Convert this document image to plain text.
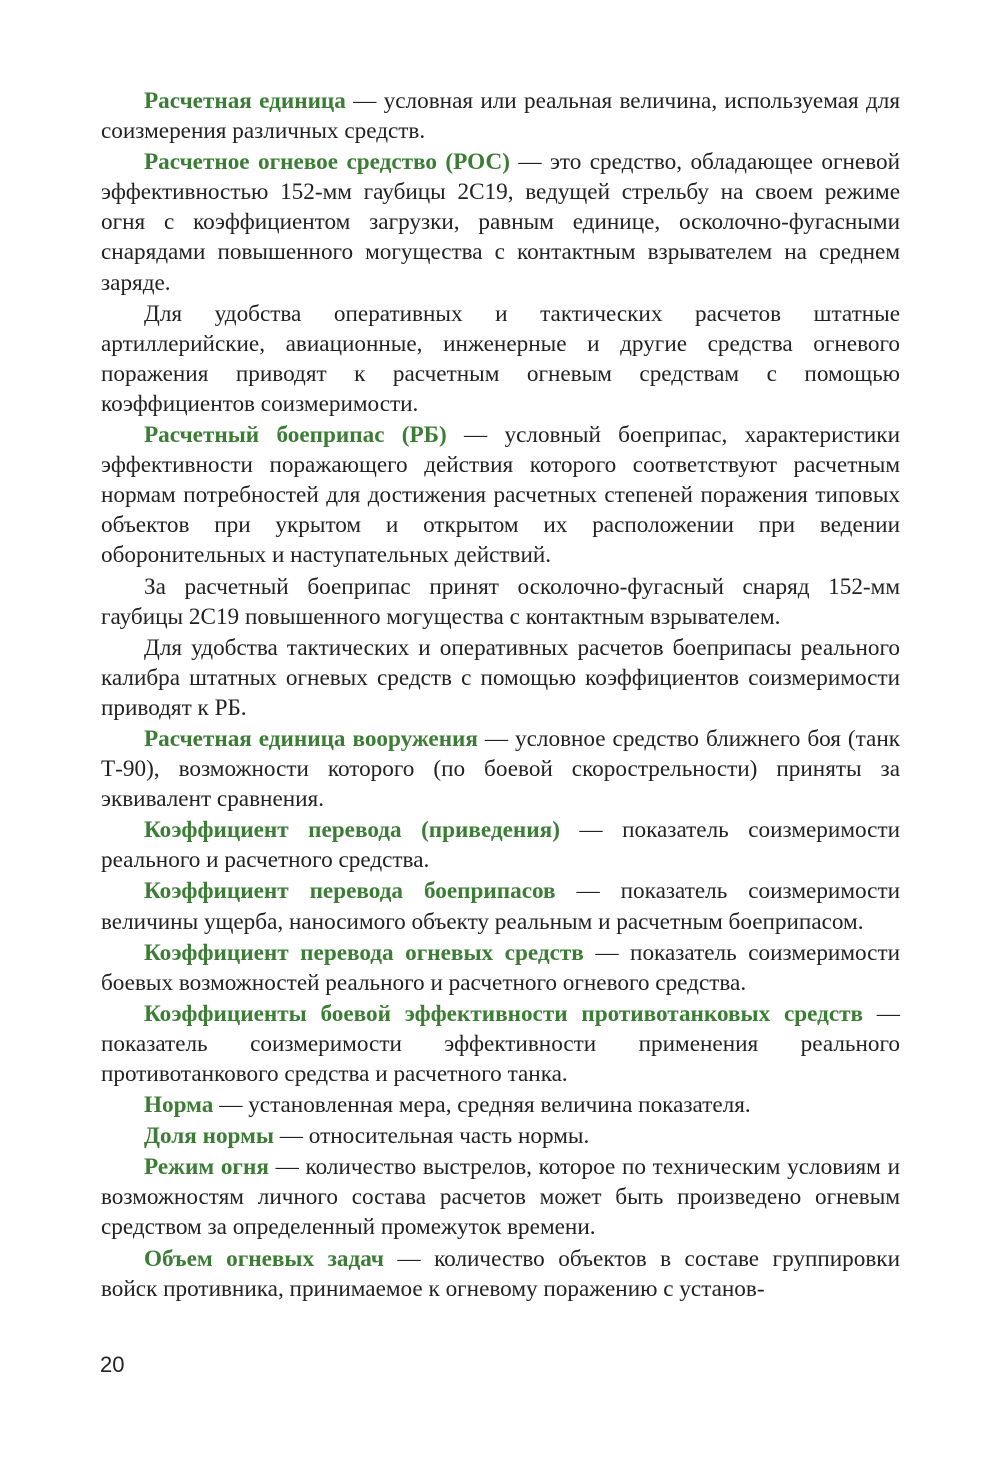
Расчетная единица — условная или реальная величина, используемая для соизмерения различных средств.

Расчетное огневое средство (РОС) — это средство, обладающее огневой эффективностью 152-мм гаубицы 2С19, ведущей стрельбу на своем режиме огня с коэффициентом загрузки, равным единице, осколочно-фугасными снарядами повышенного могущества с контактным взрывателем на среднем заряде.

Для удобства оперативных и тактических расчетов штатные артиллерийские, авиационные, инженерные и другие средства огневого поражения приводят к расчетным огневым средствам с помощью коэффициентов соизмеримости.

Расчетный боеприпас (РБ) — условный боеприпас, характеристики эффективности поражающего действия которого соответствуют расчетным нормам потребностей для достижения расчетных степеней поражения типовых объектов при укрытом и открытом их расположении при ведении оборонительных и наступательных действий.

За расчетный боеприпас принят осколочно-фугасный снаряд 152-мм гаубицы 2С19 повышенного могущества с контактным взрывателем.

Для удобства тактических и оперативных расчетов боеприпасы реального калибра штатных огневых средств с помощью коэффициентов соизмеримости приводят к РБ.

Расчетная единица вооружения — условное средство ближнего боя (танк Т-90), возможности которого (по боевой скорострельности) приняты за эквивалент сравнения.

Коэффициент перевода (приведения) — показатель соизмеримости реального и расчетного средства.

Коэффициент перевода боеприпасов — показатель соизмеримости величины ущерба, наносимого объекту реальным и расчетным боеприпасом.

Коэффициент перевода огневых средств — показатель соизмеримости боевых возможностей реального и расчетного огневого средства.

Коэффициенты боевой эффективности противотанковых средств — показатель соизмеримости эффективности применения реального противотанкового средства и расчетного танка.

Норма — установленная мера, средняя величина показателя.

Доля нормы — относительная часть нормы.

Режим огня — количество выстрелов, которое по техническим условиям и возможностям личного состава расчетов может быть произведено огневым средством за определенный промежуток времени.

Объем огневых задач — количество объектов в составе группировки войск противника, принимаемое к огневому поражению с установ-

20
